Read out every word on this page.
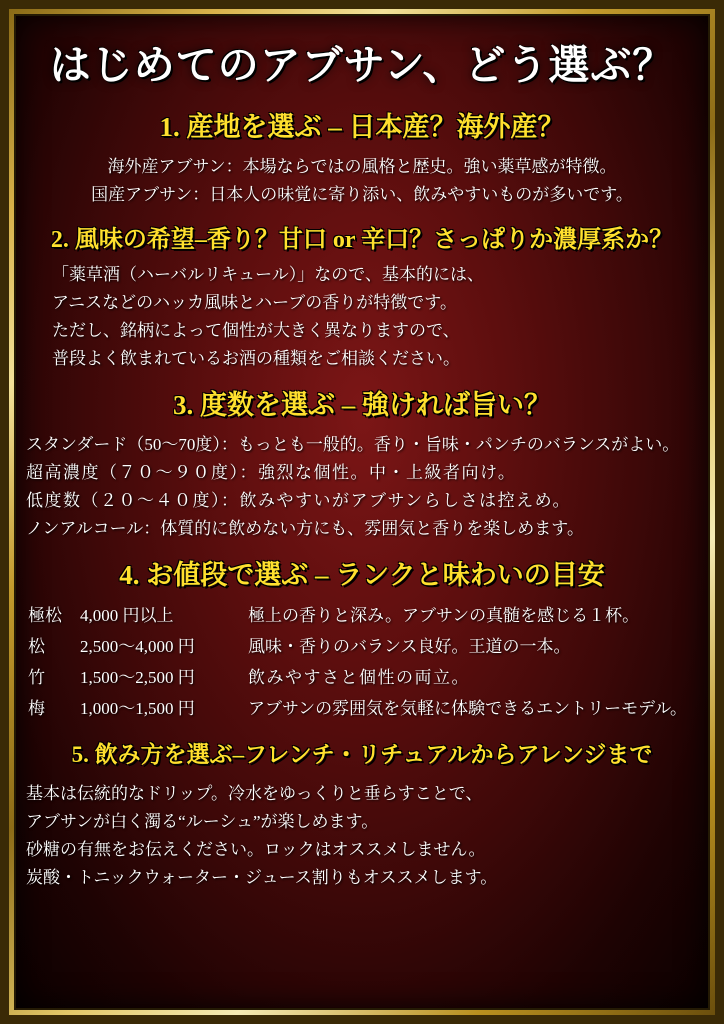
はじめてのアブサン、どう選ぶ？
1. 産地を選ぶ – 日本産？海外産？
海外産アブサン：本場ならではの風格と歴史。強い薬草感が特徴。
国産アブサン：日本人の味覚に寄り添い、飲みやすいものが多いです。
2. 風味の希望–香り？甘口 or 辛口？さっぱりか濃厚系か？
「薬草酒（ハーバルリキュール）」なので、基本的には、
アニスなどのハッカ風味とハーブの香りが特徴です。
ただし、銘柄によって個性が大きく異なりますので、
普段よく飲まれているお酒の種類をご相談ください。
3. 度数を選ぶ – 強ければ旨い？
スタンダード（50〜70度）：もっとも一般的。香り・旨味・パンチのバランスがよい。
超高濃度（７０〜９０度）：強烈な個性。中・上級者向け。
低度数（２０〜４０度）：飲みやすいがアブサンらしさは控えめ。
ノンアルコール：体質的に飲めない方にも、雰囲気と香りを楽しめます。
4. お値段で選ぶ – ランクと味わいの目安
極松	4,000 円以上	極上の香りと深み。アブサンの真髄を感じる１杯。
松	2,500〜4,000 円	風味・香りのバランス良好。王道の一本。
竹	1,500〜2,500 円	飲みやすさと個性の両立。
梅	1,000〜1,500 円	アブサンの雰囲気を気軽に体験できるエントリーモデル。
5. 飲み方を選ぶ–フレンチ・リチュアルからアレンジまで
基本は伝統的なドリップ。冷水をゆっくりと垂らすことで、
アブサンが白く濁る“ルーシュ”が楽しめます。
砂糖の有無をお伝えください。ロックはオススメしません。
炭酸・トニックウォーター・ジュース割りもオススメします。
